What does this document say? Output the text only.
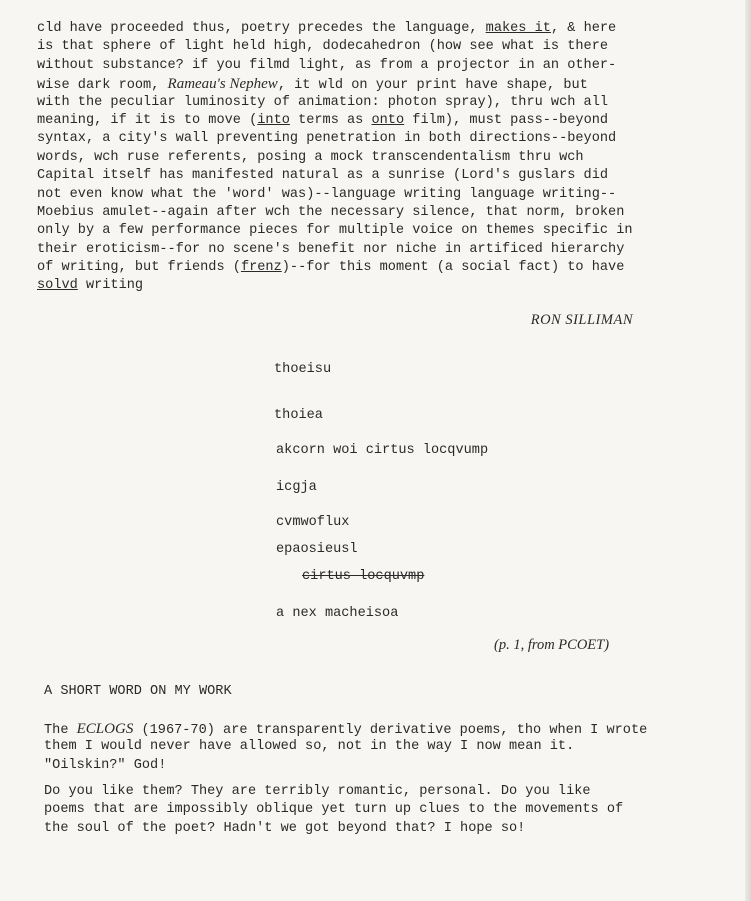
cld have proceeded thus, poetry precedes the language, makes it, & here
is that sphere of light held high, dodecahedron (how see what is there
without substance? if you filmd light, as from a projector in an other-
wise dark room, Rameau's Nephew, it wld on your print have shape, but
with the peculiar luminosity of animation: photon spray), thru wch all
meaning, if it is to move (into terms as onto film), must pass--beyond
syntax, a city's wall preventing penetration in both directions--beyond
words, wch ruse referents, posing a mock transcendentalism thru wch
Capital itself has manifested natural as a sunrise (Lord's guslars did
not even know what the 'word' was)--language writing language writing--
Moebius amulet--again after wch the necessary silence, that norm, broken
only by a few performance pieces for multiple voice on themes specific in
their eroticism--for no scene's benefit nor niche in artificed hierarchy
of writing, but friends (frenz)--for this moment (a social fact) to have
solvd writing
RON SILLIMAN
thoeisu
thoiea
akcorn woi cirtus locqvump
icgja
cvmwoflux
epaosieusl
cirtus locquvmp
a nex macheisoa
(p. 1, from PCOET)
A SHORT WORD ON MY WORK
The ECLOGS (1967-70) are transparently derivative poems, tho when I wrote
them I would never have allowed so, not in the way I now mean it.
"Oilskin?" God!
Do you like them? They are terribly romantic, personal. Do you like
poems that are impossibly oblique yet turn up clues to the movements of
the soul of the poet? Hadn't we got beyond that? I hope so!
